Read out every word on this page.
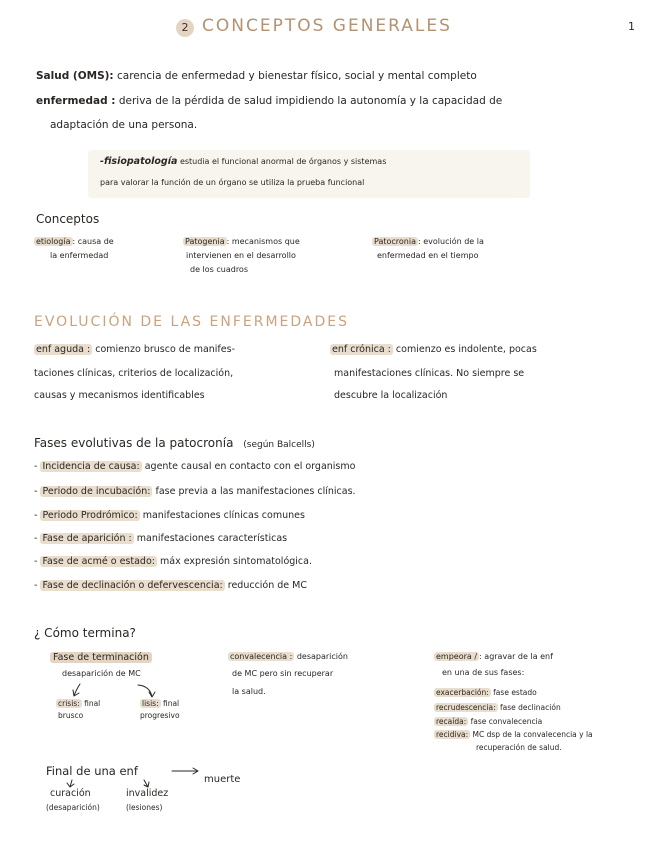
2 CONCEPTOS GENERALES	1
Salud (OMS): carencia de enfermedad y bienestar físico, social y mental completo
enfermedad : deriva de la pérdida de salud impidiendo la autonomía y la capacidad de
adaptación de una persona.
-fisiopatología estudia el funcional anormal de órganos y sistemas
para valorar la función de un órgano se utiliza la prueba funcional
Conceptos
etiología : causa de
la enfermedad
Patogenia : mecanismos que
intervienen en el desarrollo
de los cuadros
Patocronia : evolución de la
enfermedad en el tiempo
EVOLUCIÓN DE LAS ENFERMEDADES
enf aguda : comienzo brusco de manifes-
taciones clínicas, criterios de localización,
causas y mecanismos identificables
enf crónica : comienzo es indolente, pocas
manifestaciones clínicas. No siempre se
descubre la localización
Fases evolutivas de la patocronía (según Balcells)
- Incidencia de causa: agente causal en contacto con el organismo
- Periodo de incubación: fase previa a las manifestaciones clínicas.
- Periodo Prodrómico: manifestaciones clínicas comunes
- Fase de aparición : manifestaciones características
- Fase de acmé o estado: máx expresión sintomatológica.
- Fase de declinación o defervescencia: reducción de MC
¿ Cómo termina?
Fase de terminación
desaparición de MC
crisis: final
brusco
lisis: final
progresivo
convalecencia : desaparición
de MC pero sin recuperar
la salud.
empeora / : agravar de la enf
en una de sus fases:
exacerbación: fase estado
recrudescencia: fase declinación
recaída: fase convalecencia
recidiva: MC dsp de la convalecencia y la
recuperación de salud.
Final de una enf
muerte
curación
(desaparición)
invalidez
(lesiones)
